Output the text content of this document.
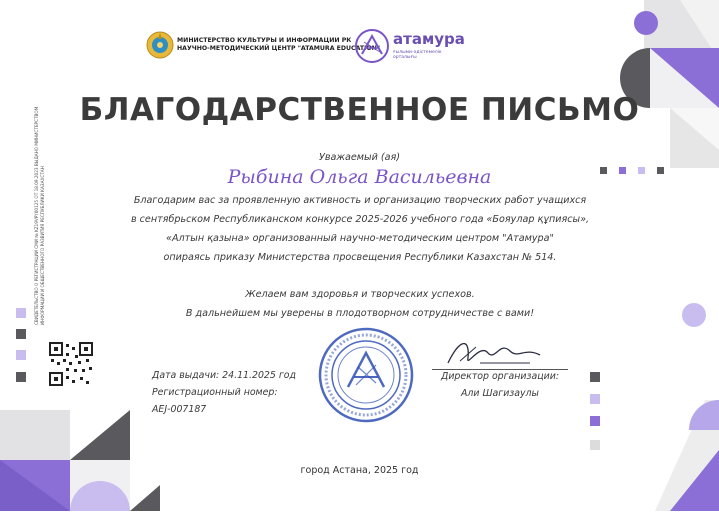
СВИДЕТЕЛЬСТВО О РЕГИСТРАЦИИ СМИ № KZ19VPY00125 ОТ 18.09.2023 ВЫДАНО МИНИСТЕРСТВОМ ИНФОРМАЦИИ И ОБЩЕСТВЕННОГО РАЗВИТИЯ РЕСПУБЛИКИ КАЗАХСТАН
МИНИСТЕРСТВО КУЛЬТУРЫ И ИНФОРМАЦИИ РК
НАУЧНО-МЕТОДИЧЕСКИЙ ЦЕНТР "ATAMURA EDUCATION"
атамура
ғылыми-әдістемелік
орталығы
БЛАГОДАРСТВЕННОЕ ПИСЬМО
Уважаемый (ая)
Рыбина Ольга Васильевна
Благодарим вас за проявленную активность и организацию творческих работ учащихся
в сентябрьском Республиканском конкурсе 2025-2026 учебного года «Бояулар құпиясы»,
«Алтын қазына» организованный научно-методическим центром "Атамура"
опираясь приказу Министерства просвещения Республики Казахстан № 514.
Желаем вам здоровья и творческих успехов.
В дальнейшем мы уверены в плодотворном сотрудничестве с вами!
Дата выдачи: 24.11.2025 год
Регистрационный номер:
AEJ-007187
Директор организации:
Али Шагизаулы
город Астана, 2025 год
